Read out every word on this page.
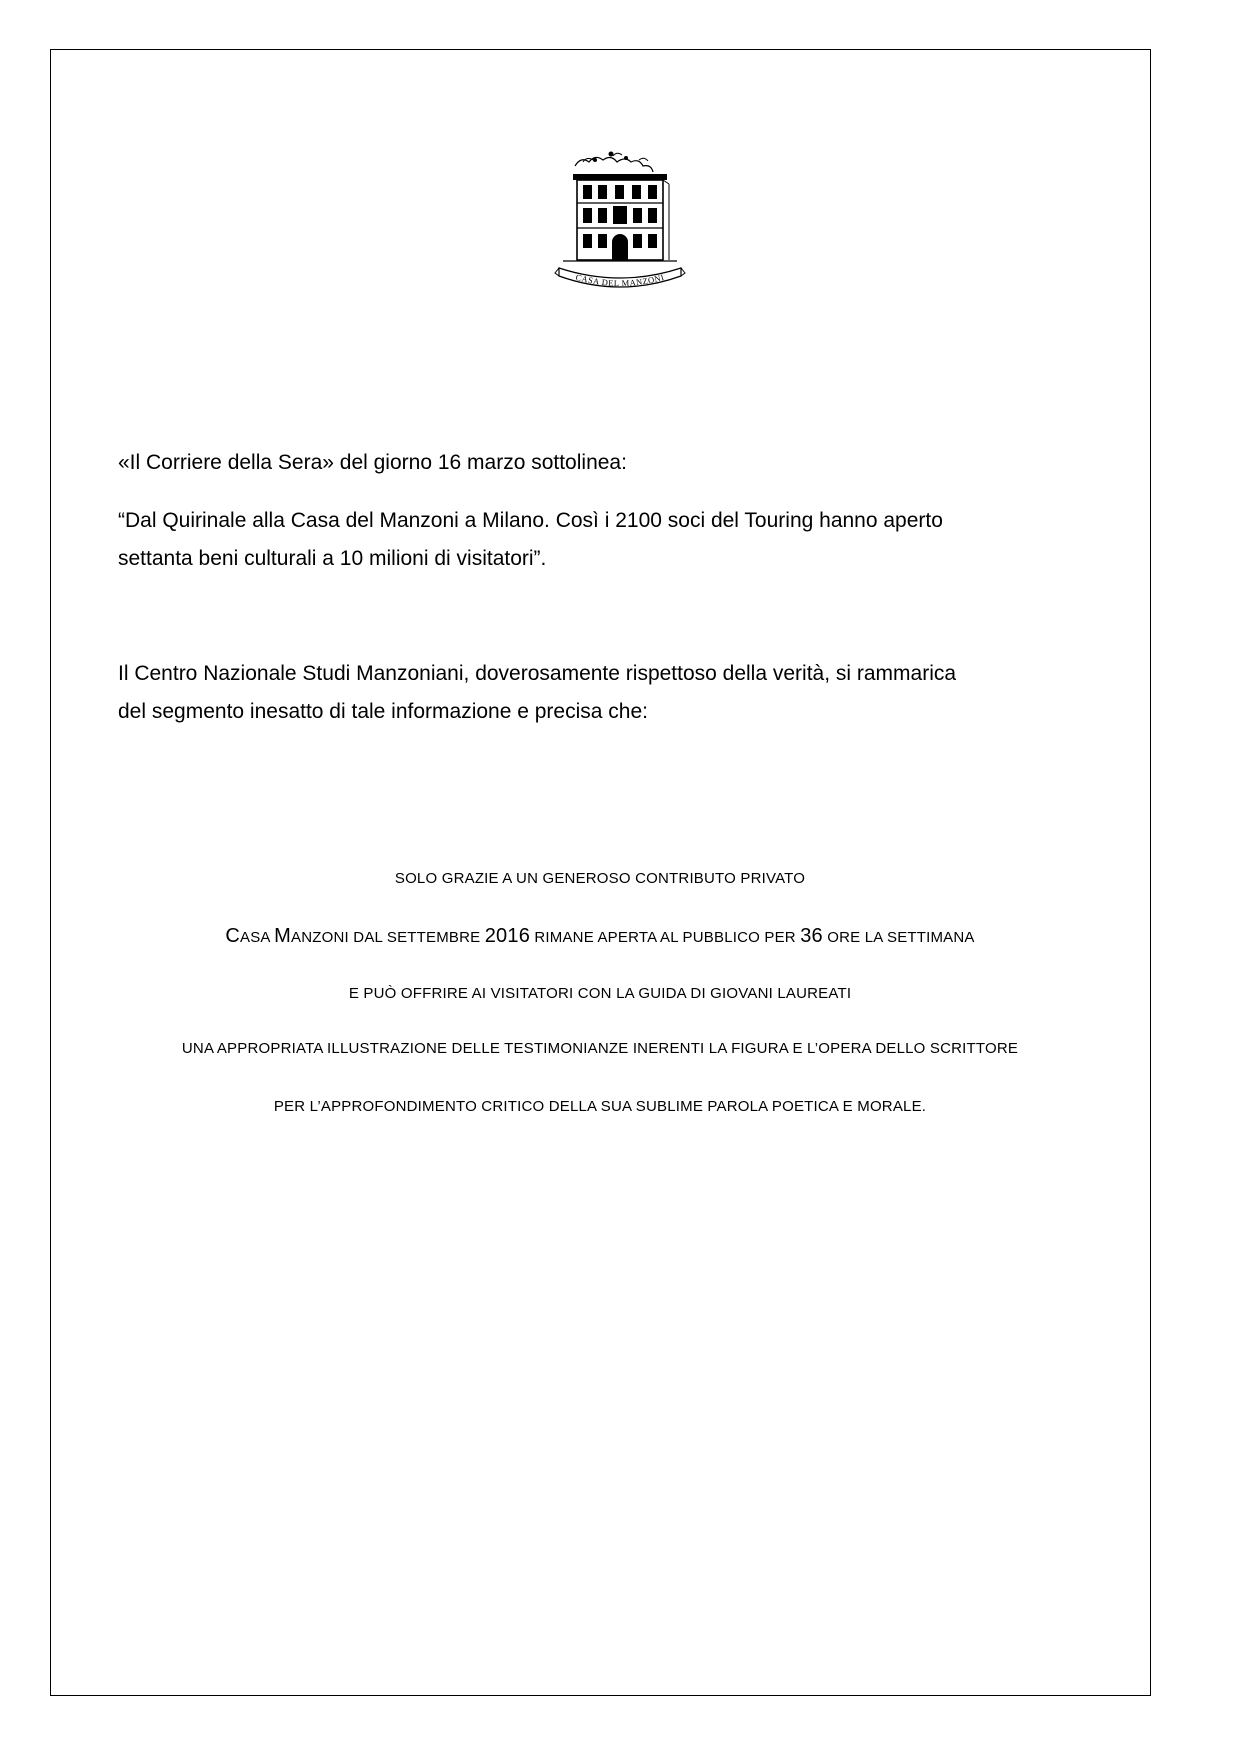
CASA DEL MANZONI

«Il Corriere della Sera» del giorno 16 marzo sottolinea:

“Dal Quirinale alla Casa del Manzoni a Milano. Così i 2100 soci del Touring hanno aperto
settanta beni culturali a 10 milioni di visitatori”.

Il Centro Nazionale Studi Manzoniani, doverosamente rispettoso della verità, si rammarica
del segmento inesatto di tale informazione e precisa che:

SOLO GRAZIE A UN GENEROSO CONTRIBUTO PRIVATO

CASA MANZONI DAL SETTEMBRE 2016 RIMANE APERTA AL PUBBLICO PER 36 ORE LA SETTIMANA

E PUÒ OFFRIRE AI VISITATORI CON LA GUIDA DI GIOVANI LAUREATI

UNA APPROPRIATA ILLUSTRAZIONE DELLE TESTIMONIANZE INERENTI LA FIGURA E L’OPERA DELLO SCRITTORE

PER L’APPROFONDIMENTO CRITICO DELLA SUA SUBLIME PAROLA POETICA E MORALE.
